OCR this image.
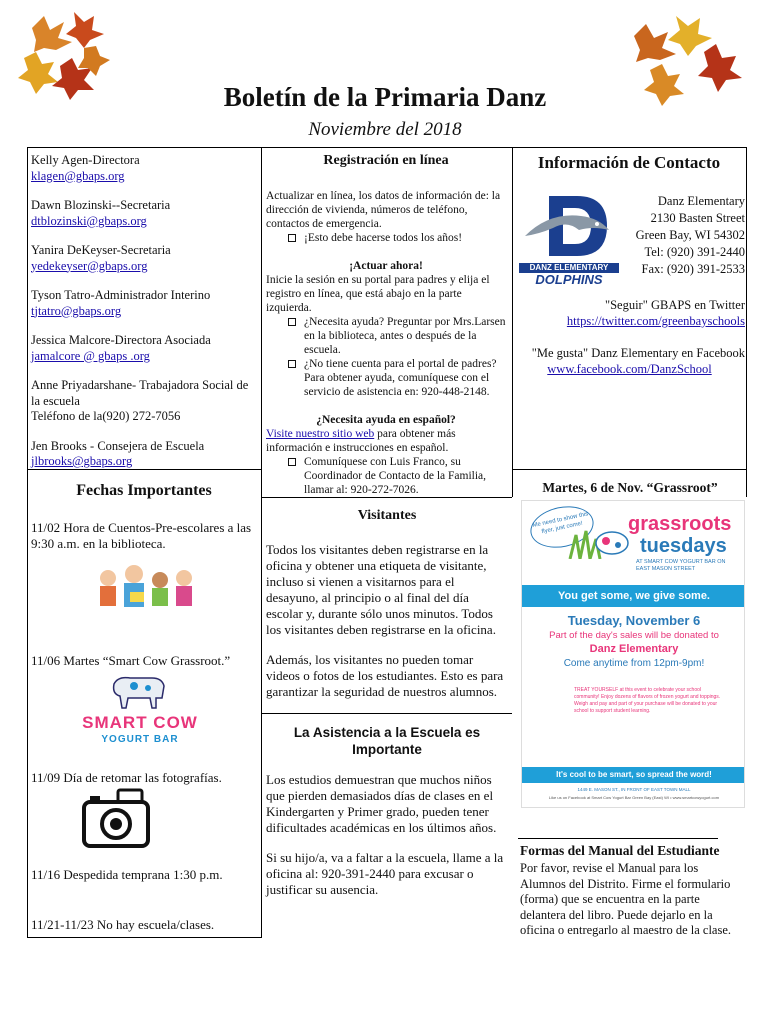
Boletín de la Primaria Danz
Noviembre del 2018
Kelly Agen-Directora
klagen@gbaps.org
Dawn Blozinski--Secretaria
dtblozinski@gbaps.org
Yanira DeKeyser-Secretaria
yedekeyser@gbaps.org
Tyson Tatro-Administrador Interino
tjtatro@gbaps.org
Jessica Malcore-Directora Asociada
jamalcore @ gbaps .org
Anne Priyadarshane- Trabajadora Social de la escuela
Teléfono de la(920) 272-7056
Jen Brooks - Consejera de Escuela
jlbrooks@gbaps.org
Registración en línea
Actualizar en línea, los datos de información de: la dirección de vivienda, números de teléfono, contactos de emergencia.
¡Esto debe hacerse todos los años!
¡Actuar ahora!
Inicie la sesión en su portal para padres y elija el registro en línea, que está abajo en la parte izquierda.
¿Necesita ayuda? Preguntar por Mrs.Larsen en la biblioteca, antes o después de la escuela.
¿No tiene cuenta para el portal de padres? Para obtener ayuda, comuníquese con el servicio de asistencia en: 920-448-2148.
¿Necesita ayuda en español?
Visite nuestro sitio web para obtener más información e instrucciones en español.
Comuníquese con Luis Franco, su Coordinador de Contacto de la Familia, llamar al: 920-272-7026.
Información de Contacto
DANZ ELEMENTARY
DOLPHINS
Danz Elementary
2130 Basten Street
Green Bay, WI 54302
Tel: (920) 391-2440
Fax: (920) 391-2533
"Seguir" GBAPS en Twitter
https://twitter.com/greenbayschools
"Me gusta" Danz Elementary en Facebook
www.facebook.com/DanzSchool
Fechas Importantes
11/02 Hora de Cuentos-Pre-escolares a las 9:30 a.m. en la biblioteca.
11/06 Martes “Smart Cow Grassroot.”
SMART COW
YOGURT BAR
11/09 Día de retomar las fotografías.
11/16 Despedida temprana 1:30 p.m.
11/21-11/23 No hay escuela/clases.
Visitantes
Todos los visitantes deben registrarse en la oficina y obtener una etiqueta de visitante, incluso si vienen a visitarnos para el desayuno, al principio o al final del día escolar y, durante sólo unos minutos. Todos los visitantes deben registrarse en la oficina.
Además, los visitantes no pueden tomar videos o fotos de los estudiantes. Esto es para garantizar la seguridad de nuestros alumnos.
La Asistencia a la Escuela es Importante
Los estudios demuestran que muchos niños que pierden demasiados días de clases en el Kindergarten y Primer grado, pueden tener dificultades académicas en los últimos años.
Si su hijo/a, va a faltar a la escuela, llame a la oficina al: 920-391-2440 para excusar o justificar su ausencia.
Martes, 6 de Nov. “Grassroot”
Me need to show this flyer, just come!	grassroots
tuesdays
AT SMART COW YOGURT BAR ON EAST MASON STREET
You get some, we give some.
Tuesday, November 6
Part of the day's sales will be donated to
Danz Elementary
Come anytime from 12pm-9pm!
TREAT YOURSELF at this event to celebrate your school community! Enjoy dozens of flavors of frozen yogurt and toppings. Weigh and pay and part of your purchase will be donated to your school to support student learning.
It's cool to be smart, so spread the word!
1449 E. MASON ST., IN FRONT OF EAST TOWN MALL
Like us on Facebook at Smart Cow Yogurt Bar Green Bay (East) WI • www.smartcowyogurt.com
Formas del Manual del Estudiante
Por favor, revise el Manual para los Alumnos del Distrito. Firme el formulario (forma) que se encuentra en la parte delantera del libro. Puede dejarlo en la oficina o entregarlo al maestro de la clase.
